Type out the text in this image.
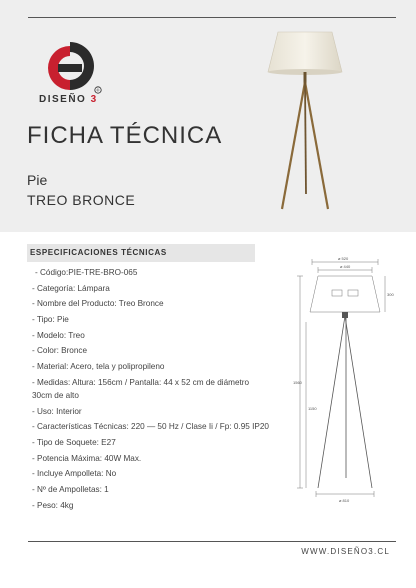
®
DISEÑO 3
FICHA TÉCNICA
Pie
TREO BRONCE
ESPECIFICACIONES TÉCNICAS
- Código:PIE-TRE-BRO-065
- Categoría: Lámpara
- Nombre del Producto: Treo Bronce
- Tipo: Pie
- Modelo: Treo
- Color: Bronce
- Material: Acero, tela y polipropileno
- Medidas: Altura: 156cm / Pantalla: 44 x 52 cm de diámetro 30cm de alto
- Uso: Interior
- Características Técnicas: 220 — 50 Hz / Clase Ii / Fp: 0.95 IP20
- Tipo de Soquete: E27
- Potencia Máxima: 40W Max.
- Incluye Ampolleta: No
- Nº de Ampolletas: 1
- Peso: 4kg
ø 520
ø 440
300
1560
1150
ø 810
WWW.DISEÑO3.CL
